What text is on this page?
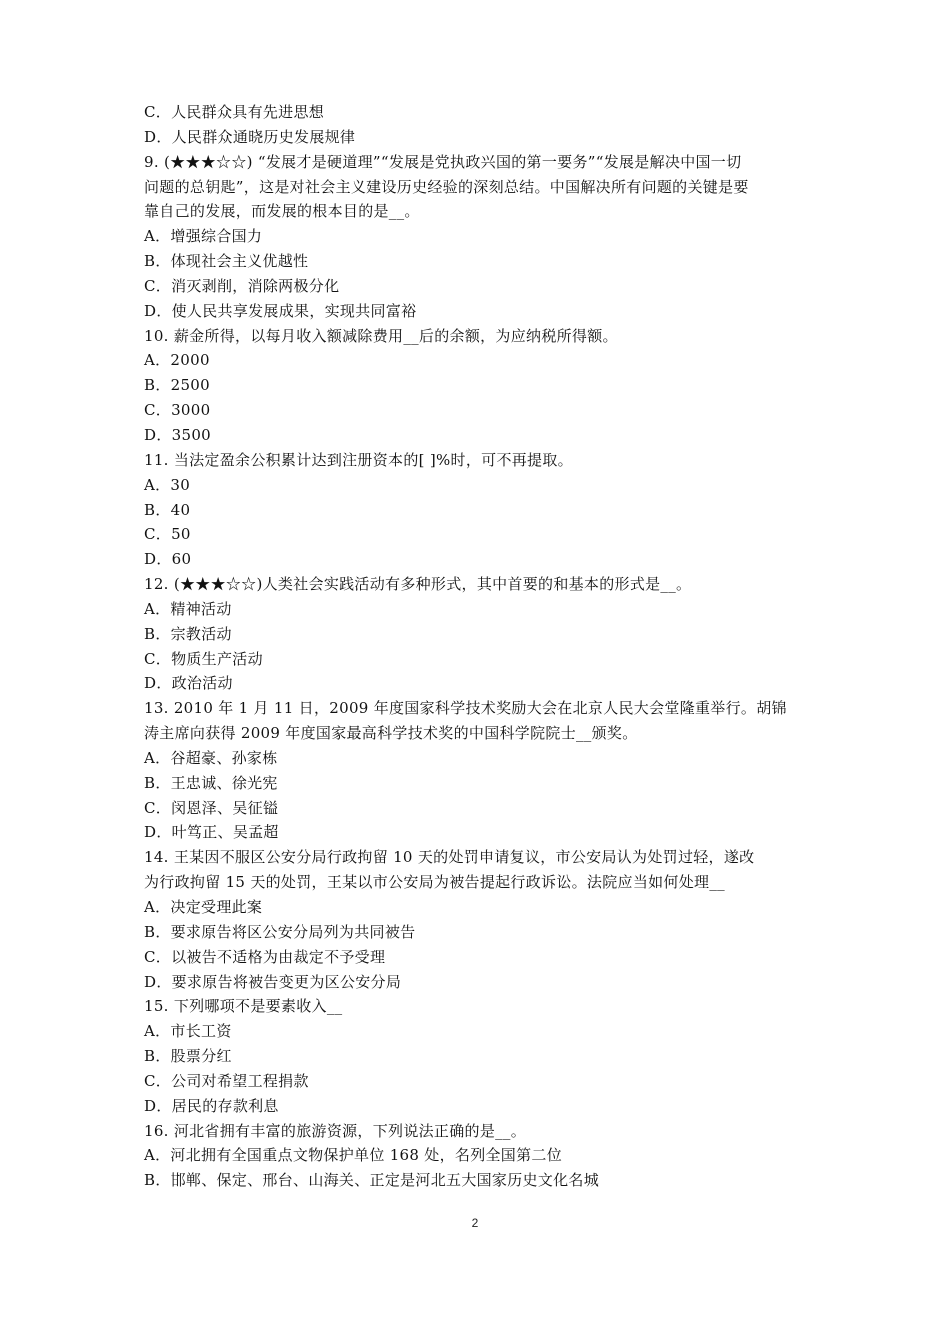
C．人民群众具有先进思想
D．人民群众通晓历史发展规律
9. (★★★☆☆) “发展才是硬道理”“发展是党执政兴国的第一要务”“发展是解决中国一切
问题的总钥匙”，这是对社会主义建设历史经验的深刻总结。中国解决所有问题的关键是要
靠自己的发展，而发展的根本目的是__。
A．增强综合国力
B．体现社会主义优越性
C．消灭剥削，消除两极分化
D．使人民共享发展成果，实现共同富裕
10. 薪金所得，以每月收入额减除费用__后的余额，为应纳税所得额。
A．2000
B．2500
C．3000
D．3500
11. 当法定盈余公积累计达到注册资本的[ ]%时，可不再提取。
A．30
B．40
C．50
D．60
12. (★★★☆☆)人类社会实践活动有多种形式，其中首要的和基本的形式是__。
A．精神活动
B．宗教活动
C．物质生产活动
D．政治活动
13. 2010 年 1 月 11 日，2009 年度国家科学技术奖励大会在北京人民大会堂隆重举行。胡锦
涛主席向获得 2009 年度国家最高科学技术奖的中国科学院院士__颁奖。
A．谷超豪、孙家栋
B．王忠诚、徐光宪
C．闵恩泽、吴征镒
D．叶笃正、吴孟超
14. 王某因不服区公安分局行政拘留 10 天的处罚申请复议，市公安局认为处罚过轻，遂改
为行政拘留 15 天的处罚，王某以市公安局为被告提起行政诉讼。法院应当如何处理__
A．决定受理此案
B．要求原告将区公安分局列为共同被告
C．以被告不适格为由裁定不予受理
D．要求原告将被告变更为区公安分局
15. 下列哪项不是要素收入__
A．市长工资
B．股票分红
C．公司对希望工程捐款
D．居民的存款利息
16. 河北省拥有丰富的旅游资源，下列说法正确的是__。
A．河北拥有全国重点文物保护单位 168 处，名列全国第二位
B．邯郸、保定、邢台、山海关、正定是河北五大国家历史文化名城
2
